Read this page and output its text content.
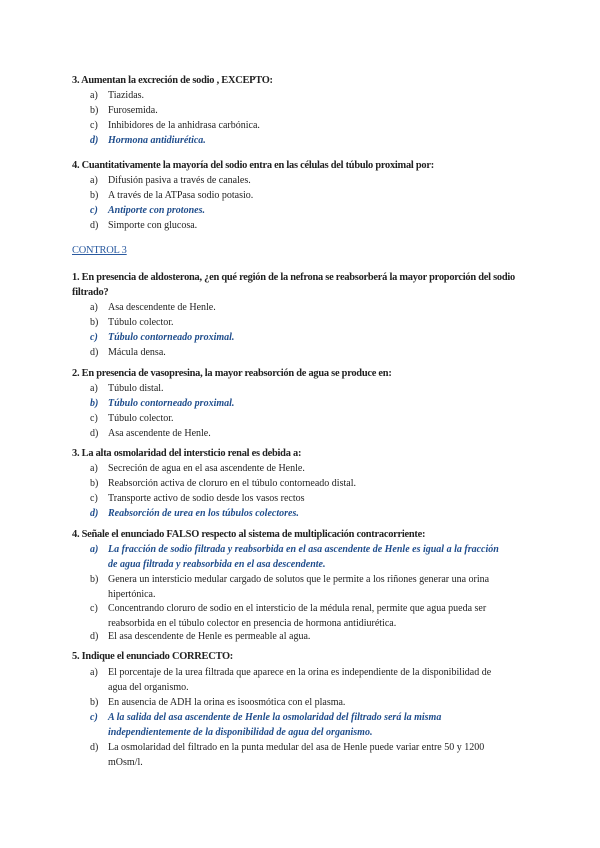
3. Aumentan la excreción de sodio , EXCEPTO:
a)	Tiazidas.
b) Furosemida.
c)	Inhibidores de la anhidrasa carbónica.
d) Hormona antidiurética.
4. Cuantitativamente la mayoría del sodio entra en las células del túbulo proximal por:
a)	Difusión pasiva a través de canales.
b) A través de la ATPasa sodio potasio.
c)	Antiporte con protones.
d) Simporte con glucosa.
CONTROL 3
1. En presencia de aldosterona, ¿en qué región de la nefrona se reabsorberá la mayor proporción del sodio filtrado?
a)	Asa descendente de Henle.
b) Túbulo colector.
c)	Túbulo contorneado proximal.
d) Mácula densa.
2. En presencia de vasopresina, la mayor reabsorción de agua se produce en:
a)	Túbulo distal.
b) Túbulo contorneado proximal.
c)	Túbulo colector.
d) Asa ascendente de Henle.
3. La alta osmolaridad del intersticio renal es debida a:
a)	Secreción de agua en el asa ascendente de Henle.
b) Reabsorción activa de cloruro en el túbulo contorneado distal.
c)	Transporte activo de sodio desde los vasos rectos
d) Reabsorción de urea en los túbulos colectores.
4. Señale el enunciado FALSO respecto al sistema de multiplicación contracorriente:
a) La fracción de sodio filtrada y reabsorbida en el asa ascendente de Henle es igual a la fracción de agua filtrada y reabsorbida en el asa descendente.
b) Genera un intersticio medular cargado de solutos que le permite a los riñones generar una orina hipertónica.
c)	Concentrando cloruro de sodio en el intersticio de la médula renal, permite que agua pueda ser reabsorbida en el túbulo colector en presencia de hormona antidiurética.
d) El asa descendente de Henle es permeable al agua.
5. Indique el enunciado CORRECTO:
a)	El porcentaje de la urea filtrada que aparece en la orina es independiente de la disponibilidad de agua del organismo.
b) En ausencia de ADH la orina es isoosmótica con el plasma.
c)	A la salida del asa ascendente de Henle la osmolaridad del filtrado será la misma independientemente de la disponibilidad de agua del organismo.
d) La osmolaridad del filtrado en la punta medular del asa de Henle puede variar entre 50 y 1200 mOsm/l.
